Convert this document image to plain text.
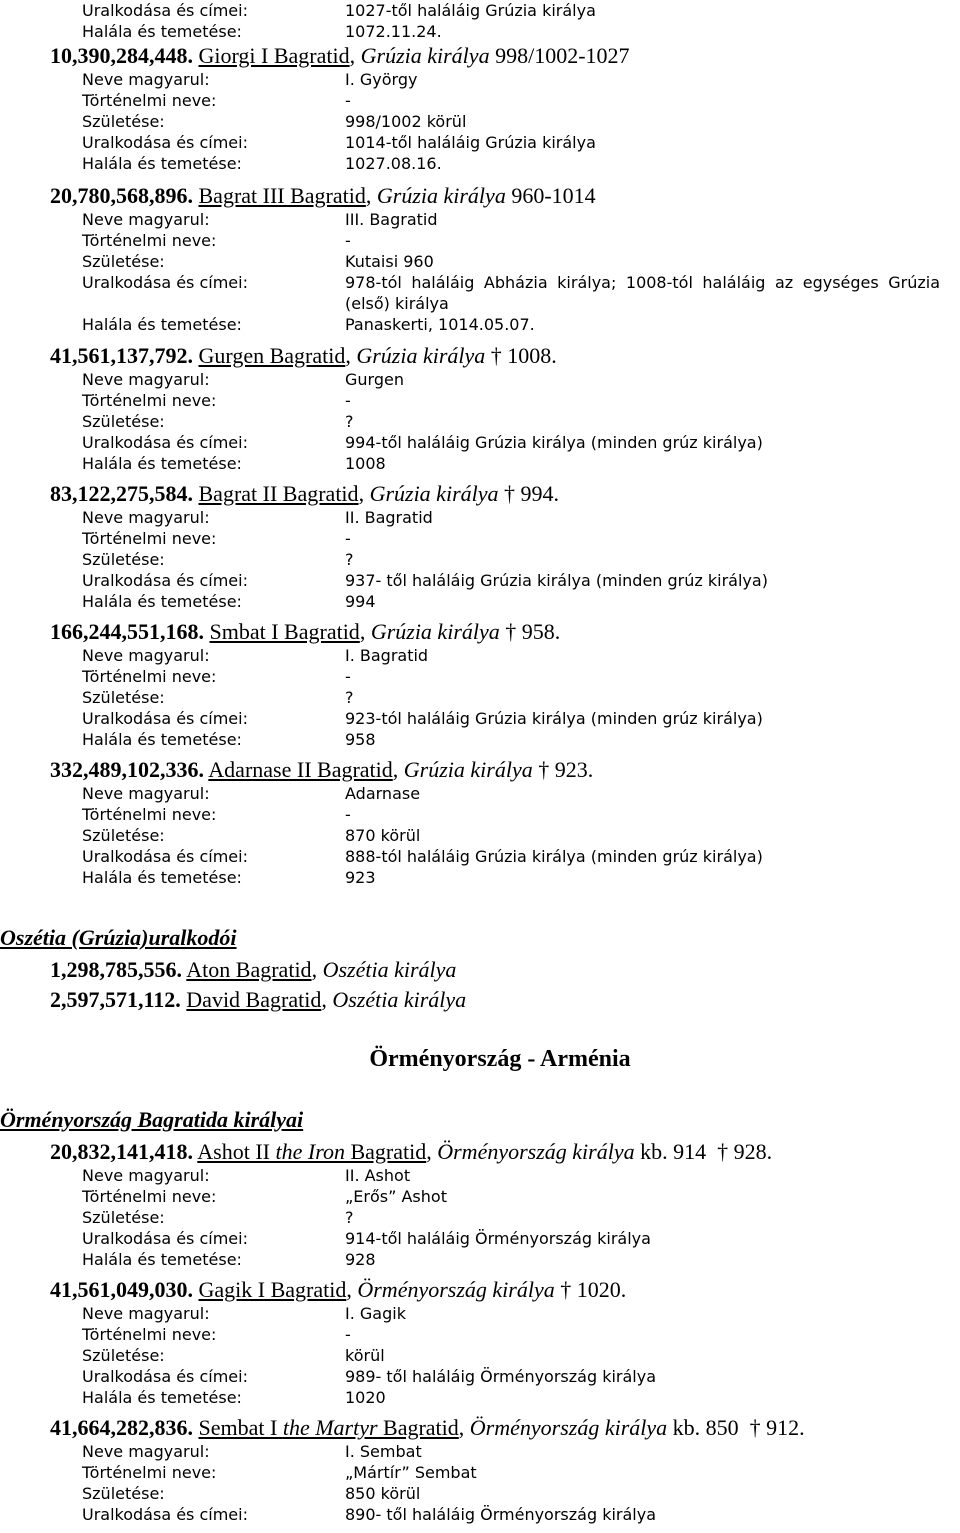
Uralkodása és címei:	1027-től haláláig Grúzia királya
Halála és temetése:	1072.11.24.
10,390,284,448. Giorgi I Bagratid, Grúzia királya 998/1002-1027
Neve magyarul:	I. György
Történelmi neve:	-
Születése:	998/1002 körül
Uralkodása és címei:	1014-től haláláig Grúzia királya
Halála és temetése:	1027.08.16.
20,780,568,896. Bagrat III Bagratid, Grúzia királya 960-1014
Neve magyarul:	III. Bagratid
Történelmi neve:	-
Születése:	Kutaisi 960
Uralkodása és címei:	978-tól haláláig Abházia királya; 1008-tól haláláig az egységes Grúzia (első) királya
Halála és temetése:	Panaskerti, 1014.05.07.
41,561,137,792. Gurgen Bagratid, Grúzia királya † 1008.
Neve magyarul:	Gurgen
Történelmi neve:	-
Születése:	?
Uralkodása és címei:	994-től haláláig Grúzia királya (minden grúz királya)
Halála és temetése:	1008
83,122,275,584. Bagrat II Bagratid, Grúzia királya † 994.
Neve magyarul:	II. Bagratid
Történelmi neve:	-
Születése:	?
Uralkodása és címei:	937- től haláláig Grúzia királya (minden grúz királya)
Halála és temetése:	994
166,244,551,168. Smbat I Bagratid, Grúzia királya † 958.
Neve magyarul:	I. Bagratid
Történelmi neve:	-
Születése:	?
Uralkodása és címei:	923-tól haláláig Grúzia királya (minden grúz királya)
Halála és temetése:	958
332,489,102,336. Adarnase II Bagratid, Grúzia királya † 923.
Neve magyarul:	Adarnase
Történelmi neve:	-
Születése:	870 körül
Uralkodása és címei:	888-tól haláláig Grúzia királya (minden grúz királya)
Halála és temetése:	923
Oszétia (Grúzia)uralkodói
1,298,785,556. Aton Bagratid, Oszétia királya
2,597,571,112. David Bagratid, Oszétia királya
Örményország - Arménia
Örményország Bagratida királyai
20,832,141,418. Ashot II the Iron Bagratid, Örményország királya kb. 914  † 928.
Neve magyarul:	II. Ashot
Történelmi neve:	„Erős” Ashot
Születése:	?
Uralkodása és címei:	914-től haláláig Örményország királya
Halála és temetése:	928
41,561,049,030. Gagik I Bagratid, Örményország királya † 1020.
Neve magyarul:	I. Gagik
Történelmi neve:	-
Születése:	körül
Uralkodása és címei:	989- től haláláig Örményország királya
Halála és temetése:	1020
41,664,282,836. Sembat I the Martyr Bagratid, Örményország királya kb. 850  † 912.
Neve magyarul:	I. Sembat
Történelmi neve:	„Mártír” Sembat
Születése:	850 körül
Uralkodása és címei:	890- től haláláig Örményország királya
